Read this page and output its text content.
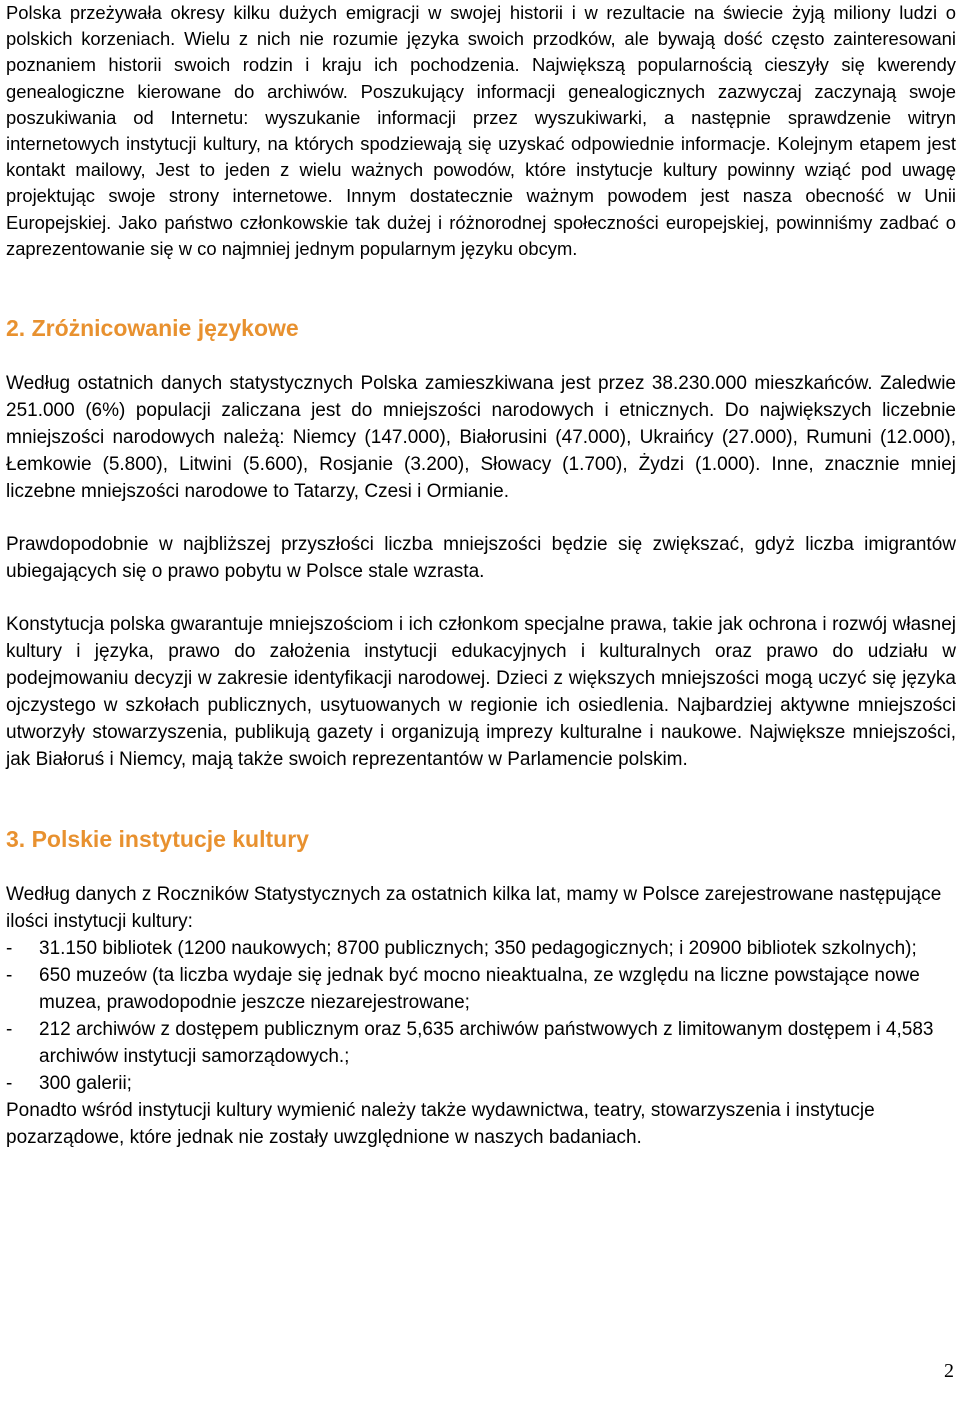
Polska przeżywała okresy kilku dużych emigracji w swojej historii i w rezultacie na świecie żyją miliony ludzi o polskich korzeniach. Wielu z nich nie rozumie języka swoich przodków, ale bywają dość często zainteresowani poznaniem historii swoich rodzin i kraju ich pochodzenia. Największą popularnością cieszyły się kwerendy genealogiczne kierowane do archiwów. Poszukujący informacji genealogicznych zazwyczaj zaczynają swoje poszukiwania od Internetu: wyszukanie informacji przez wyszukiwarki, a następnie sprawdzenie witryn internetowych instytucji kultury, na których spodziewają się uzyskać odpowiednie informacje. Kolejnym etapem jest kontakt mailowy, Jest to jeden z wielu ważnych powodów, które instytucje kultury powinny wziąć pod uwagę projektując swoje strony internetowe. Innym dostatecznie ważnym powodem jest nasza obecność w Unii Europejskiej. Jako państwo członkowskie tak dużej i różnorodnej społeczności europejskiej, powinniśmy zadbać o zaprezentowanie się w co najmniej jednym popularnym języku obcym.

2. Zróżnicowanie językowe

Według ostatnich danych statystycznych Polska zamieszkiwana jest przez 38.230.000 mieszkańców. Zaledwie 251.000 (6%) populacji zaliczana jest do mniejszości narodowych i etnicznych. Do największych liczebnie mniejszości narodowych należą: Niemcy (147.000), Białorusini (47.000), Ukraińcy (27.000), Rumuni (12.000), Łemkowie (5.800), Litwini (5.600), Rosjanie (3.200), Słowacy (1.700), Żydzi (1.000). Inne, znacznie mniej liczebne mniejszości narodowe to Tatarzy, Czesi i Ormianie.

Prawdopodobnie w najbliższej przyszłości liczba mniejszości będzie się zwiększać, gdyż liczba imigrantów ubiegających się o prawo pobytu w Polsce stale wzrasta.

Konstytucja polska gwarantuje mniejszościom i ich członkom specjalne prawa, takie jak ochrona i rozwój własnej kultury i języka, prawo do założenia instytucji edukacyjnych i kulturalnych oraz prawo do udziału w podejmowaniu decyzji w zakresie identyfikacji narodowej. Dzieci z większych mniejszości mogą uczyć się języka ojczystego w szkołach publicznych, usytuowanych w regionie ich osiedlenia. Najbardziej aktywne mniejszości utworzyły stowarzyszenia, publikują gazety i organizują imprezy kulturalne i naukowe. Największe mniejszości, jak Białoruś i Niemcy, mają także swoich reprezentantów w Parlamencie polskim.

3. Polskie instytucje kultury

Według danych z Roczników Statystycznych za ostatnich kilka lat, mamy w Polsce zarejestrowane następujące ilości instytucji kultury:

- 31.150 bibliotek (1200 naukowych; 8700 publicznych; 350 pedagogicznych; i 20900 bibliotek szkolnych);
- 650 muzeów (ta liczba wydaje się jednak być mocno nieaktualna, ze względu na liczne powstające nowe muzea, prawodopodnie jeszcze niezarejestrowane;
- 212 archiwów z dostępem publicznym oraz 5,635 archiwów państwowych z limitowanym dostępem i 4,583 archiwów instytucji samorządowych.;
- 300 galerii;

Ponadto wśród instytucji kultury wymienić należy także wydawnictwa, teatry, stowarzyszenia i instytucje pozarządowe, które jednak nie zostały uwzględnione w naszych badaniach.

2
